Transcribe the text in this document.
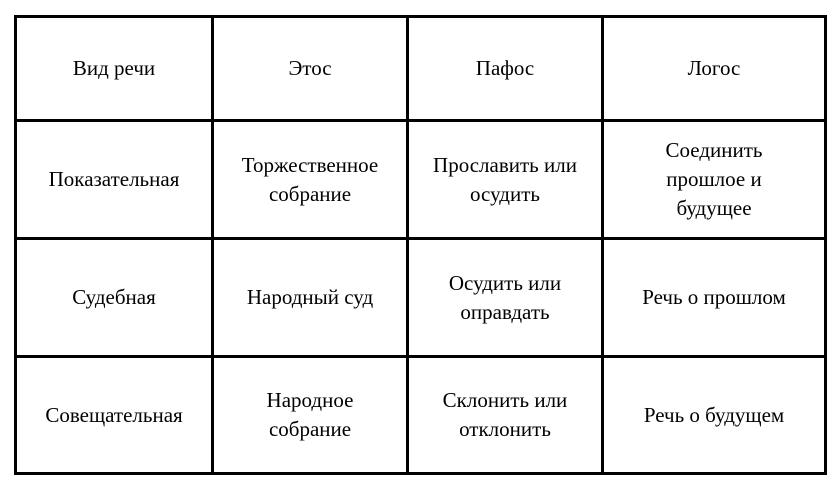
Вид речи	Этос	Пафос	Логос
Показательная	Торжественное собрание	Прославить или осудить	Соединить прошлое и будущее
Судебная	Народный суд	Осудить или оправдать	Речь о прошлом
Совещательная	Народное собрание	Склонить или отклонить	Речь о будущем
